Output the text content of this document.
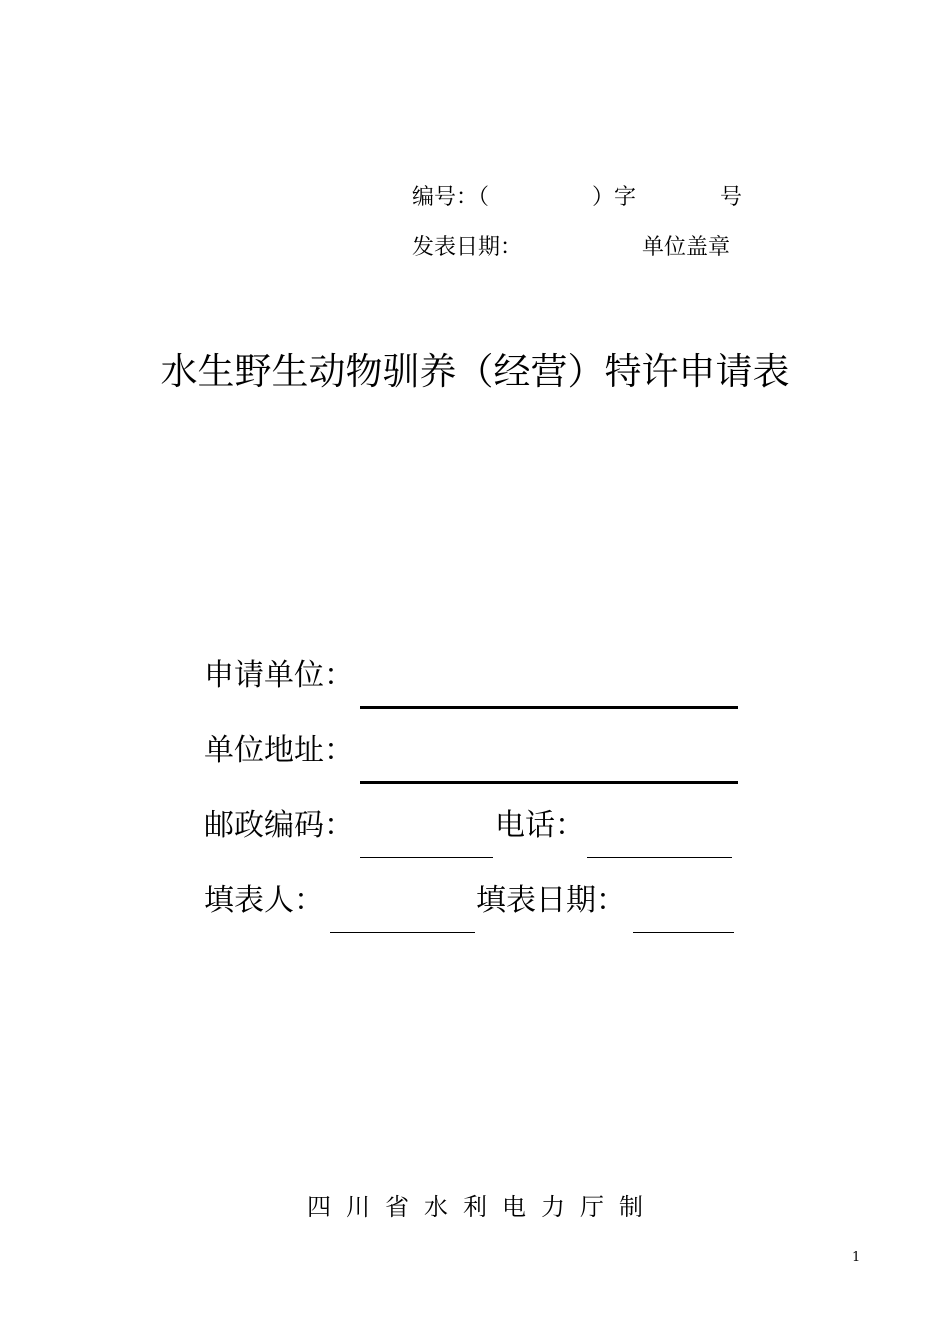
编号：（	）字	号
发表日期：	单位盖章
水生野生动物驯养（经营）特许申请表
申请单位：
单位地址：
邮政编码：	电话：
填表人：	填表日期：
四川省水利电力厅制
1
